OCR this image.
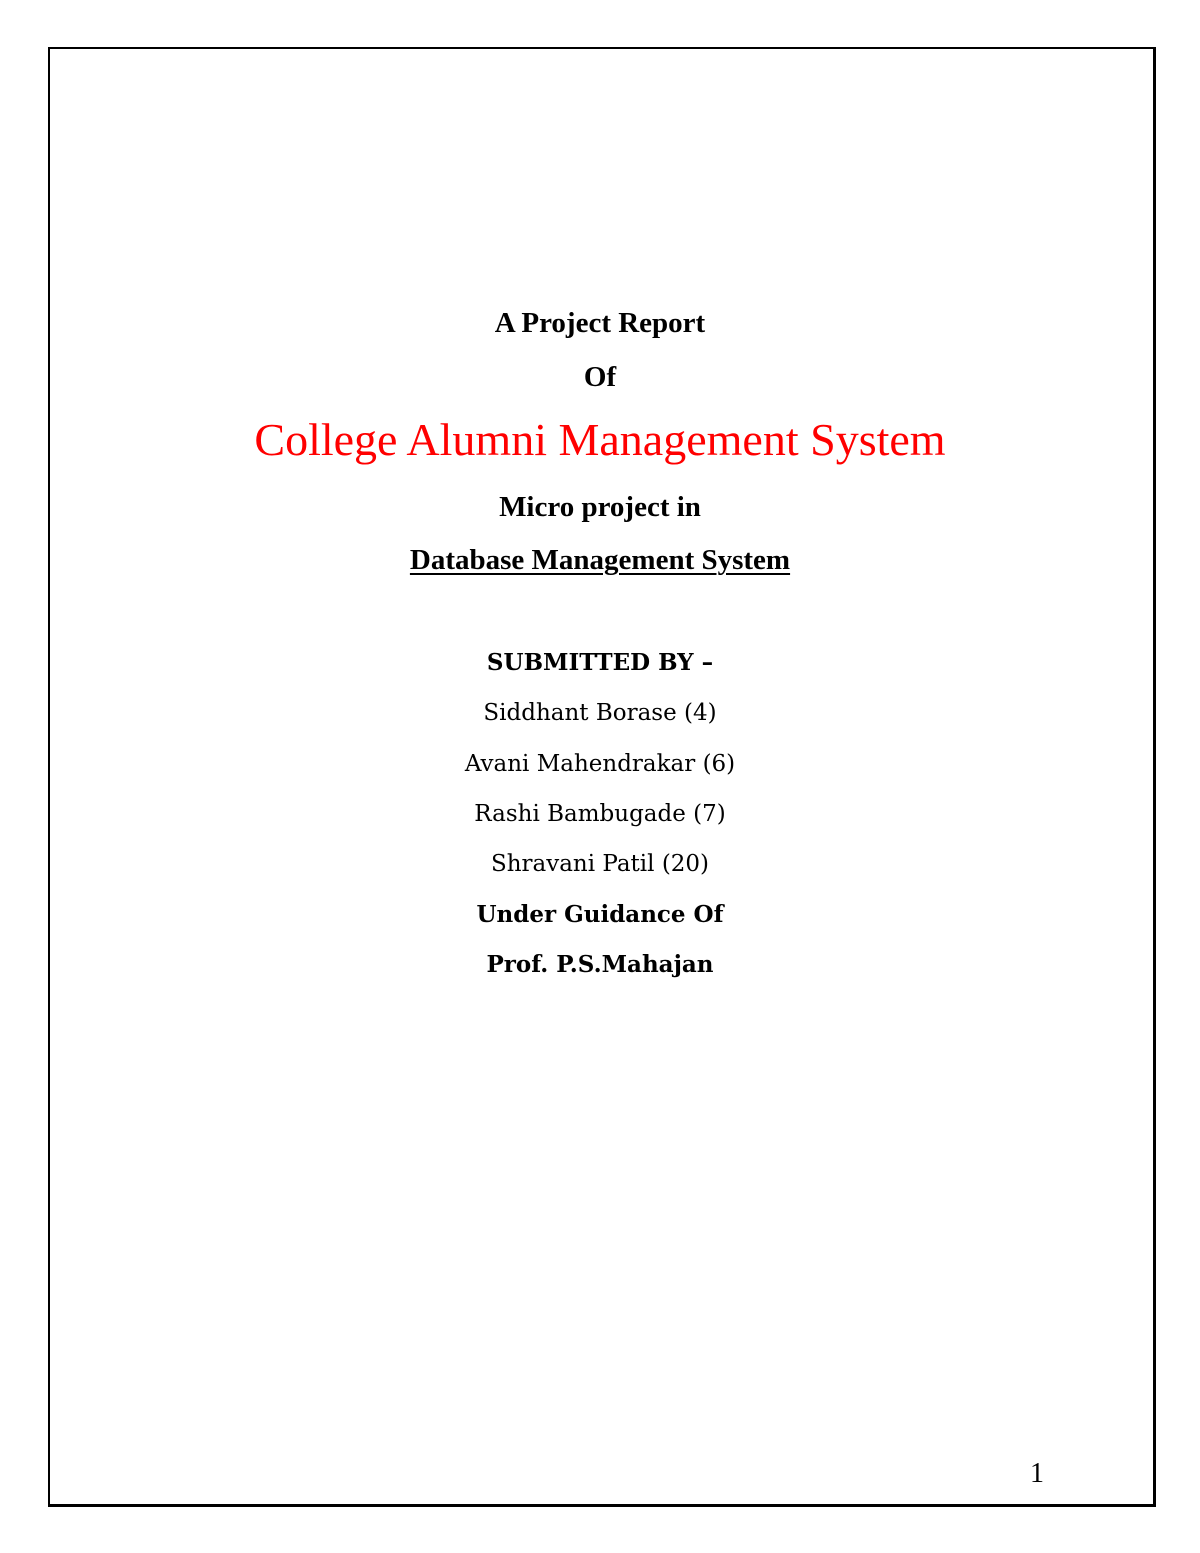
A Project Report
Of
College Alumni Management System
Micro project in
Database Management System
SUBMITTED BY –
Siddhant Borase (4)
Avani Mahendrakar (6)
Rashi Bambugade (7)
Shravani Patil (20)
Under Guidance Of
Prof. P.S.Mahajan
1
